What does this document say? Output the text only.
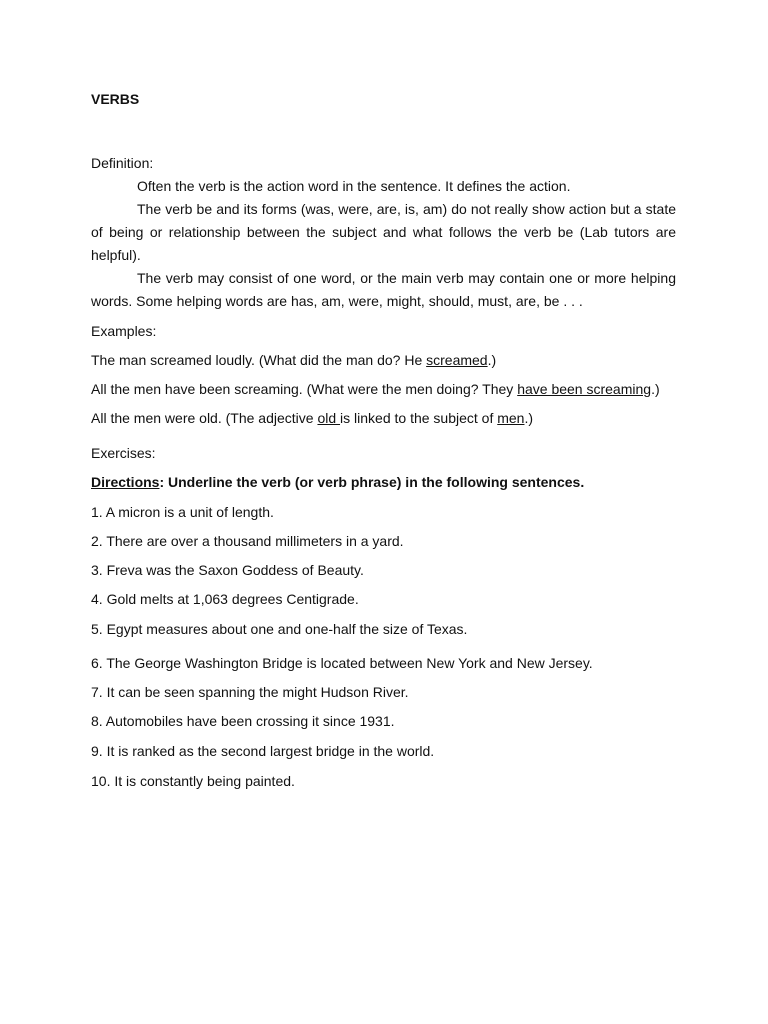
VERBS

Definition:

Often the verb is the action word in the sentence. It defines the action.

The verb be and its forms (was, were, are, is, am) do not really show action but a state of being or relationship between the subject and what follows the verb be (Lab tutors are helpful).

The verb may consist of one word, or the main verb may contain one or more helping words. Some helping words are has, am, were, might, should, must, are, be . . .

Examples:

The man screamed loudly. (What did the man do? He screamed.)

All the men have been screaming. (What were the men doing? They have been screaming.)

All the men were old. (The adjective old is linked to the subject of men.)

Exercises:

Directions: Underline the verb (or verb phrase) in the following sentences.

1. A micron is a unit of length.

2. There are over a thousand millimeters in a yard.

3. Freva was the Saxon Goddess of Beauty.

4. Gold melts at 1,063 degrees Centigrade.

5. Egypt measures about one and one-half the size of Texas.

6. The George Washington Bridge is located between New York and New Jersey.

7. It can be seen spanning the might Hudson River.

8. Automobiles have been crossing it since 1931.

9. It is ranked as the second largest bridge in the world.

10. It is constantly being painted.
